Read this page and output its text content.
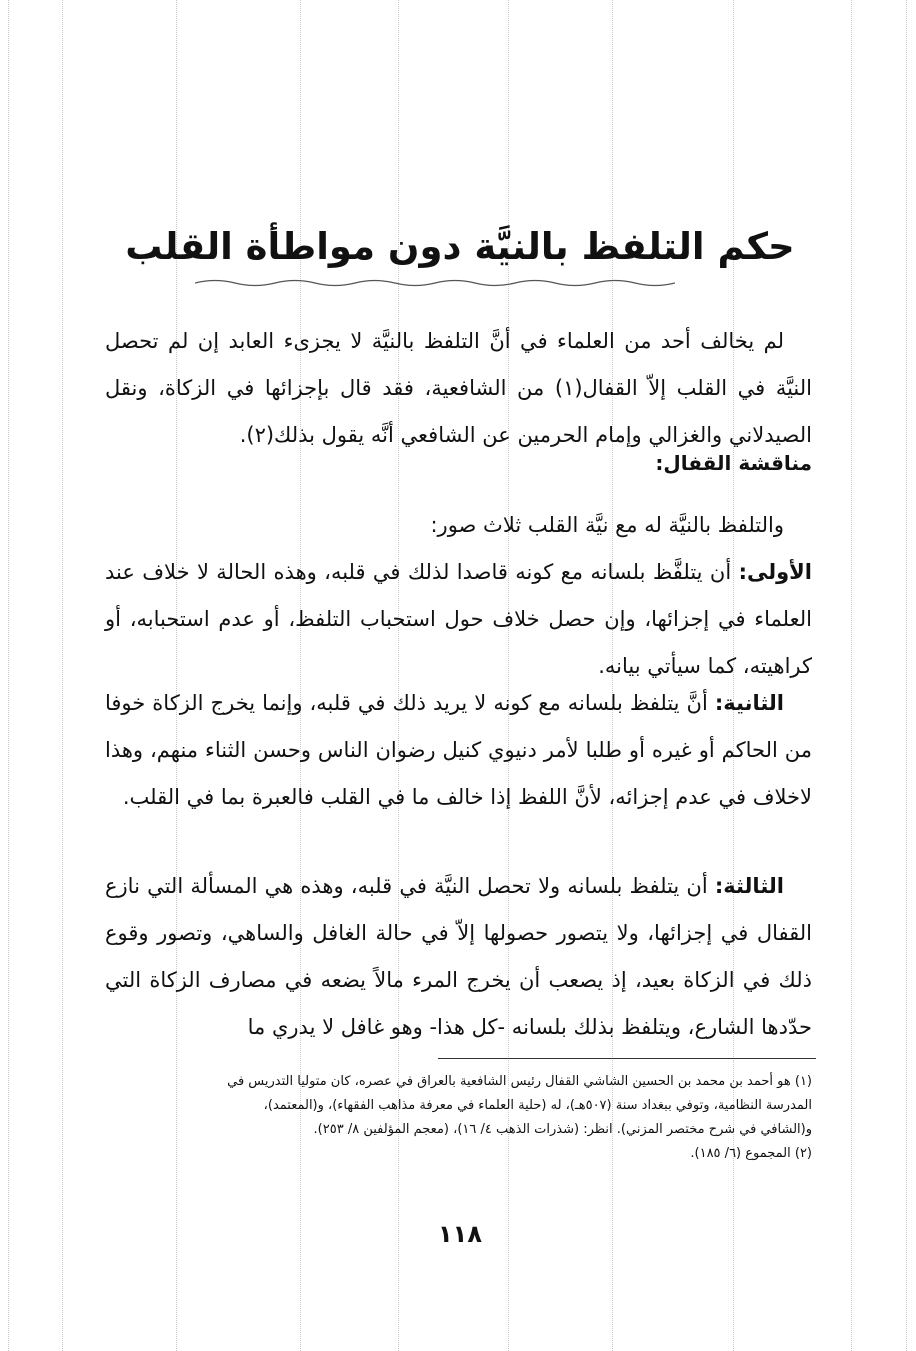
حكم التلفظ بالنيَّة دون مواطأة القلب
لم يخالف أحد من العلماء في أنَّ التلفظ بالنيَّة لا يجزىء العابد إن لم تحصل النيَّة في القلب إلاّ القفال(١) من الشافعية، فقد قال بإجزائها في الزكاة، ونقل الصيدلاني والغزالي وإمام الحرمين عن الشافعي أنَّه يقول بذلك(٢).
مناقشة القفال:
والتلفظ بالنيَّة له مع نيَّة القلب ثلاث صور:
الأولى: أن يتلفَّظ بلسانه مع كونه قاصدا لذلك في قلبه، وهذه الحالة لا خلاف عند العلماء في إجزائها، وإن حصل خلاف حول استحباب التلفظ، أو عدم استحبابه، أو كراهيته، كما سيأتي بيانه.
الثانية: أنَّ يتلفظ بلسانه مع كونه لا يريد ذلك في قلبه، وإنما يخرج الزكاة خوفا من الحاكم أو غيره أو طلبا لأمر دنيوي كنيل رضوان الناس وحسن الثناء منهم، وهذا لاخلاف في عدم إجزائه، لأنَّ اللفظ إذا خالف ما في القلب فالعبرة بما في القلب.
الثالثة: أن يتلفظ بلسانه ولا تحصل النيَّة في قلبه، وهذه هي المسألة التي نازع القفال في إجزائها، ولا يتصور حصولها إلاّ في حالة الغافل والساهي، وتصور وقوع ذلك في الزكاة بعيد، إذ يصعب أن يخرج المرء مالاً يضعه في مصارف الزكاة التي حدّدها الشارع، ويتلفظ بذلك بلسانه -كل هذا- وهو غافل لا يدري ما
(١) هو أحمد بن محمد بن الحسين الشاشي القفال رئيس الشافعية بالعراق في عصره، كان متوليا التدريس في
المدرسة النظامية، وتوفي ببغداد سنة (٥٠٧هـ)، له (حلية العلماء في معرفة مذاهب الفقهاء)، و(المعتمد)،
و(الشافي في شرح مختصر المزني). انظر: (شذرات الذهب ٤/ ١٦)، (معجم المؤلفين ٨/ ٢٥٣).
(٢) المجموع (٦/ ١٨٥).
١١٨
